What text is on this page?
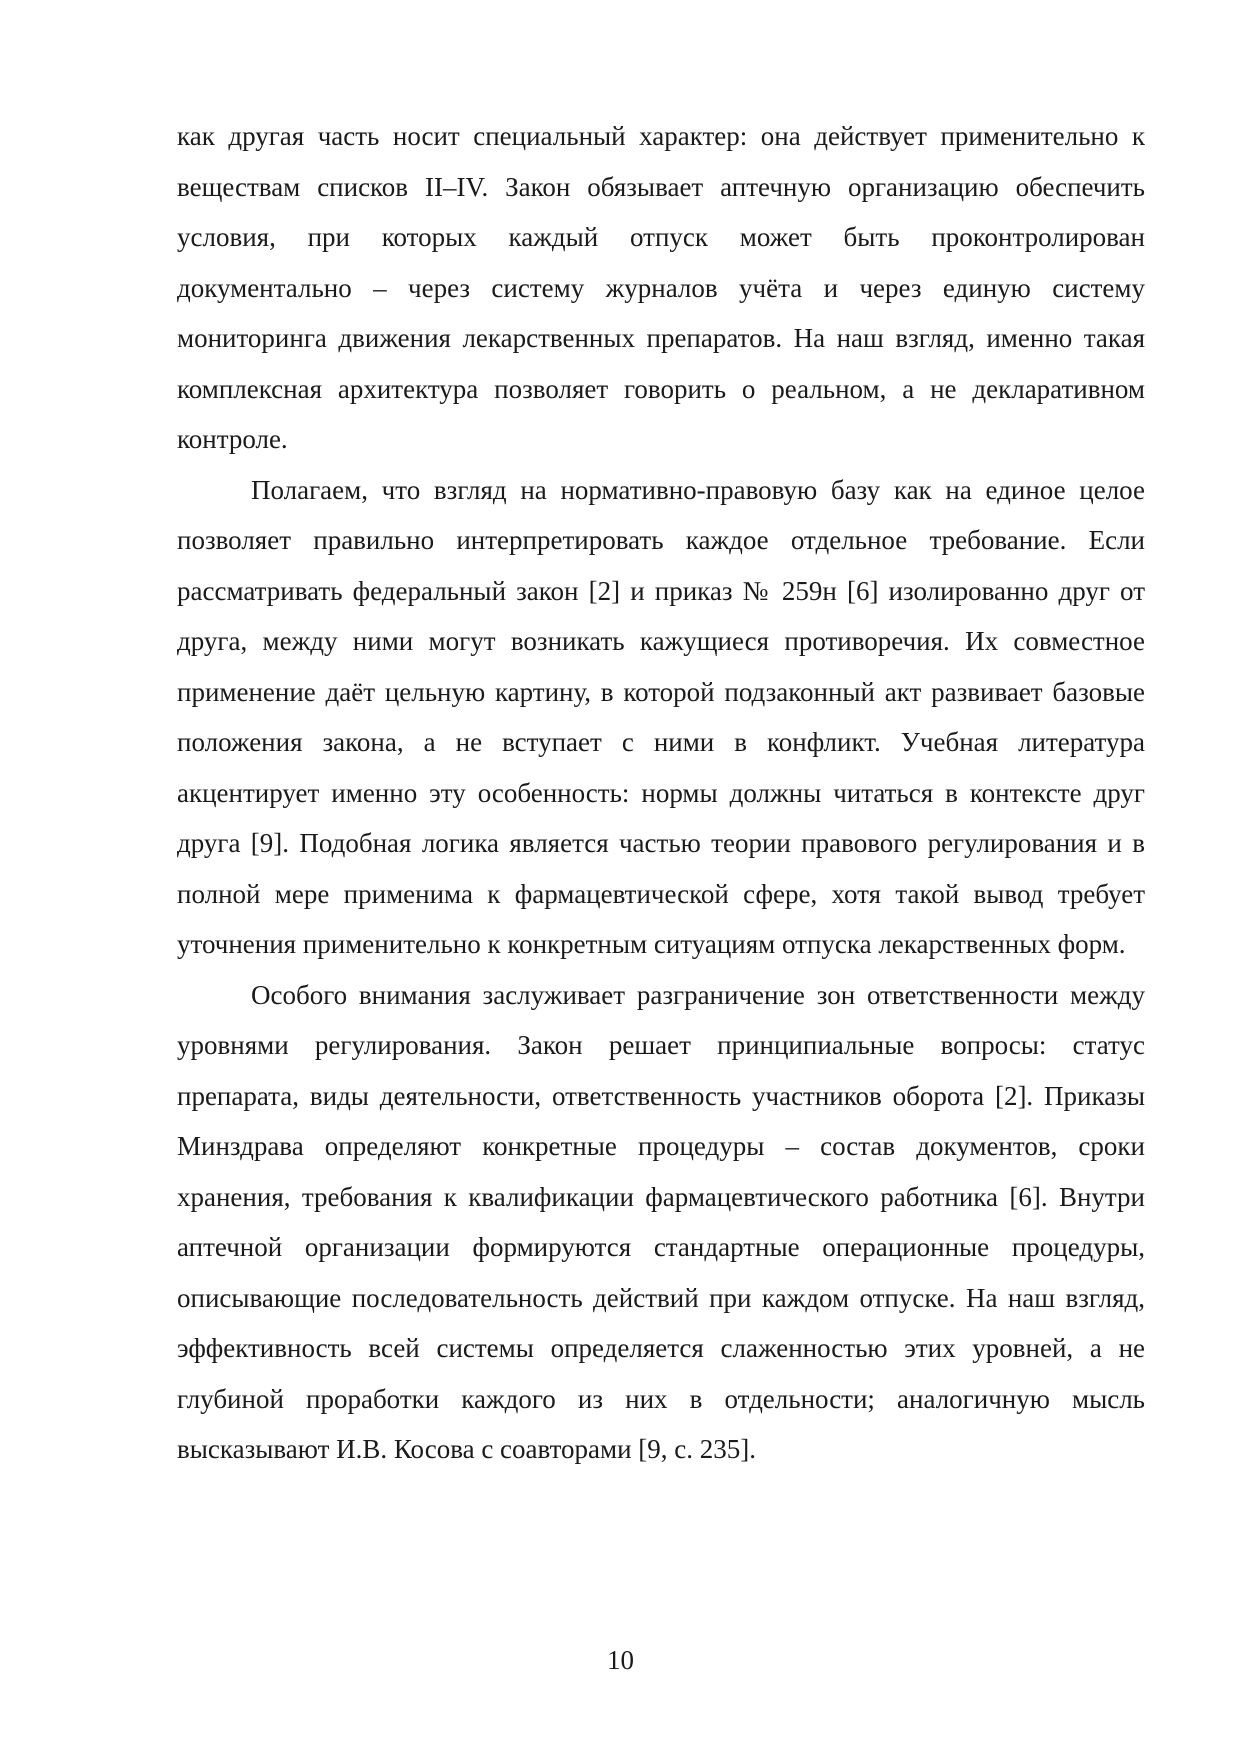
как другая часть носит специальный характер: она действует применительно к веществам списков II–IV. Закон обязывает аптечную организацию обеспечить условия, при которых каждый отпуск может быть проконтролирован документально – через систему журналов учёта и через единую систему мониторинга движения лекарственных препаратов. На наш взгляд, именно такая комплексная архитектура позволяет говорить о реальном, а не декларативном контроле.

Полагаем, что взгляд на нормативно-правовую базу как на единое целое позволяет правильно интерпретировать каждое отдельное требование. Если рассматривать федеральный закон [2] и приказ № 259н [6] изолированно друг от друга, между ними могут возникать кажущиеся противоречия. Их совместное применение даёт цельную картину, в которой подзаконный акт развивает базовые положения закона, а не вступает с ними в конфликт. Учебная литература акцентирует именно эту особенность: нормы должны читаться в контексте друг друга [9]. Подобная логика является частью теории правового регулирования и в полной мере применима к фармацевтической сфере, хотя такой вывод требует уточнения применительно к конкретным ситуациям отпуска лекарственных форм.

Особого внимания заслуживает разграничение зон ответственности между уровнями регулирования. Закон решает принципиальные вопросы: статус препарата, виды деятельности, ответственность участников оборота [2]. Приказы Минздрава определяют конкретные процедуры – состав документов, сроки хранения, требования к квалификации фармацевтического работника [6]. Внутри аптечной организации формируются стандартные операционные процедуры, описывающие последовательность действий при каждом отпуске. На наш взгляд, эффективность всей системы определяется слаженностью этих уровней, а не глубиной проработки каждого из них в отдельности; аналогичную мысль высказывают И.В. Косова с соавторами [9, с. 235].

10
